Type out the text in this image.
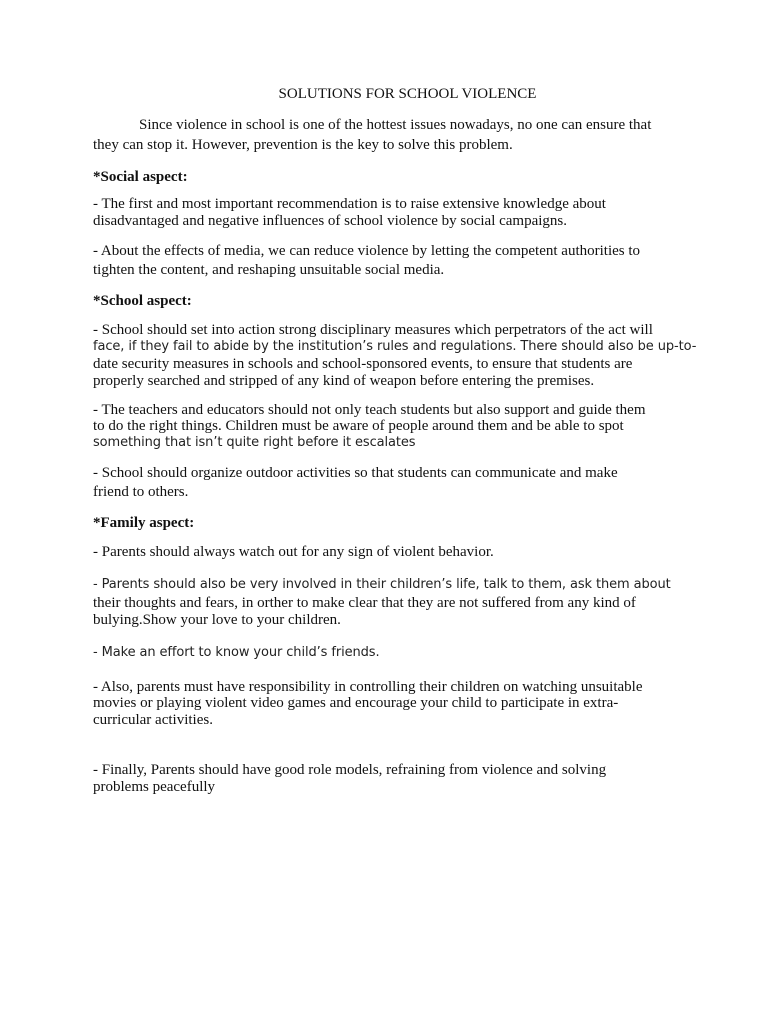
SOLUTIONS FOR SCHOOL VIOLENCE
Since violence in school is one of the hottest issues nowadays, no one can ensure that
they can stop it. However, prevention is the key to solve this problem.
*Social aspect:
- The first and most important recommendation is to raise extensive knowledge about
disadvantaged and negative influences of school violence by social campaigns.
- About the effects of media, we can reduce violence by letting the competent authorities to
tighten the content, and reshaping unsuitable social media.
*School aspect:
- School should set into action strong disciplinary measures which perpetrators of the act will
face, if they fail to abide by the institution’s rules and regulations. There should also be up-to-
date security measures in schools and school-sponsored events, to ensure that students are
properly searched and stripped of any kind of weapon before entering the premises.
- The teachers and educators should not only teach students but also support and guide them
to do the right things. Children must be aware of people around them and be able to spot
something that isn’t quite right before it escalates
- School should organize outdoor activities so that students can communicate and make
friend to others.
*Family aspect:
- Parents should always watch out for any sign of violent behavior.
- Parents should also be very involved in their children’s life, talk to them, ask them about
their thoughts and fears, in orther to make clear that they are not suffered from any kind of
bulying.Show your love to your children.
- Make an effort to know your child’s friends.
- Also, parents must have responsibility in controlling their children on watching unsuitable
movies or playing violent video games and encourage your child to participate in extra-
curricular activities.
- Finally, Parents should have good role models, refraining from violence and solving
problems peacefully
